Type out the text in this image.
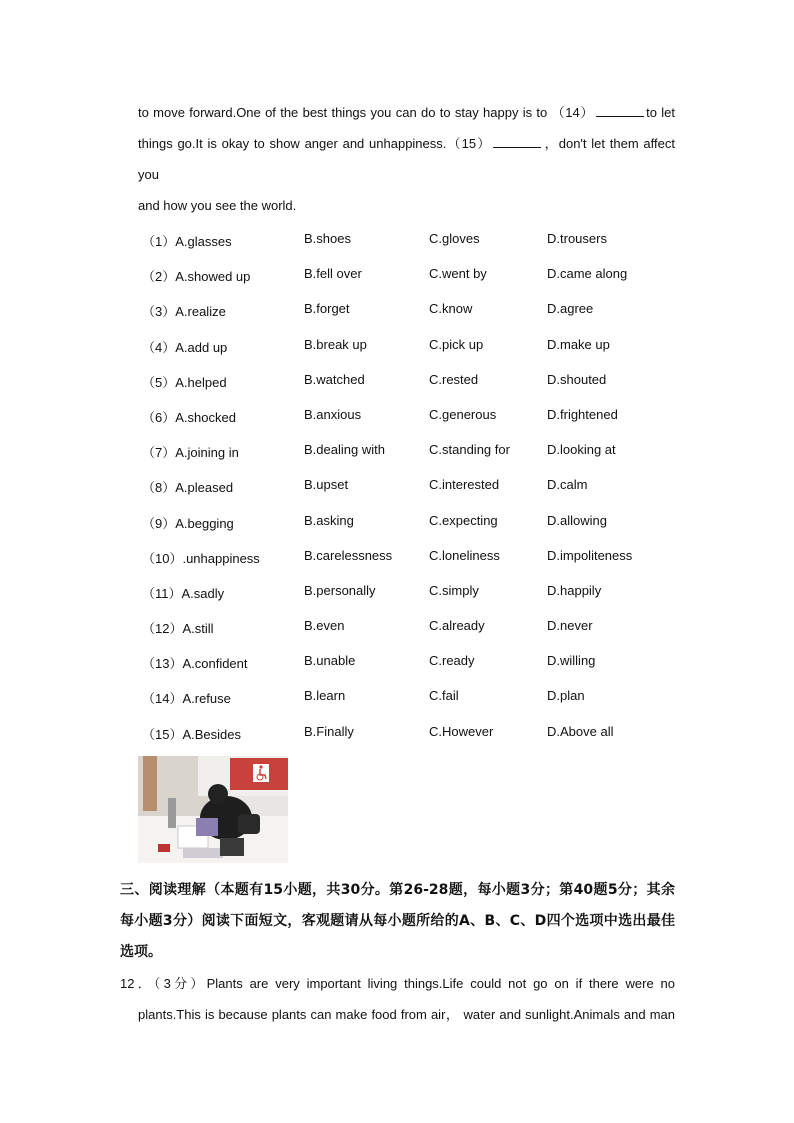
to move forward.One of the best things you can do to stay happy is to （14）	to let
things go.It is okay to show anger and unhappiness.（15）	，don't let them affect you
and how you see the world.
（1）A.glasses	B.shoes	C.gloves	D.trousers
（2）A.showed up	B.fell over	C.went by	D.came along
（3）A.realize	B.forget	C.know	D.agree
（4）A.add up	B.break up	C.pick up	D.make up
（5）A.helped	B.watched	C.rested	D.shouted
（6）A.shocked	B.anxious	C.generous	D.frightened
（7）A.joining in	B.dealing with	C.standing for	D.looking at
（8）A.pleased	B.upset	C.interested	D.calm
（9）A.begging	B.asking	C.expecting	D.allowing
（10）.unhappiness	B.carelessness	C.loneliness	D.impoliteness
（11）A.sadly	B.personally	C.simply	D.happily
（12）A.still	B.even	C.already	D.never
（13）A.confident	B.unable	C.ready	D.willing
（14）A.refuse	B.learn	C.fail	D.plan
（15）A.Besides	B.Finally	C.However	D.Above all
三、阅读理解（本题有15小题，共30分。第26-28题，每小题3分；第40题5分；其余
每小题3分）阅读下面短文，客观题请从每小题所给的A、B、C、D四个选项中选出最佳
选项。
12．（3分）Plants are very important living things.Life could not go on if there were no
plants.This is because plants can make food from air， water and sunlight.Animals and man
